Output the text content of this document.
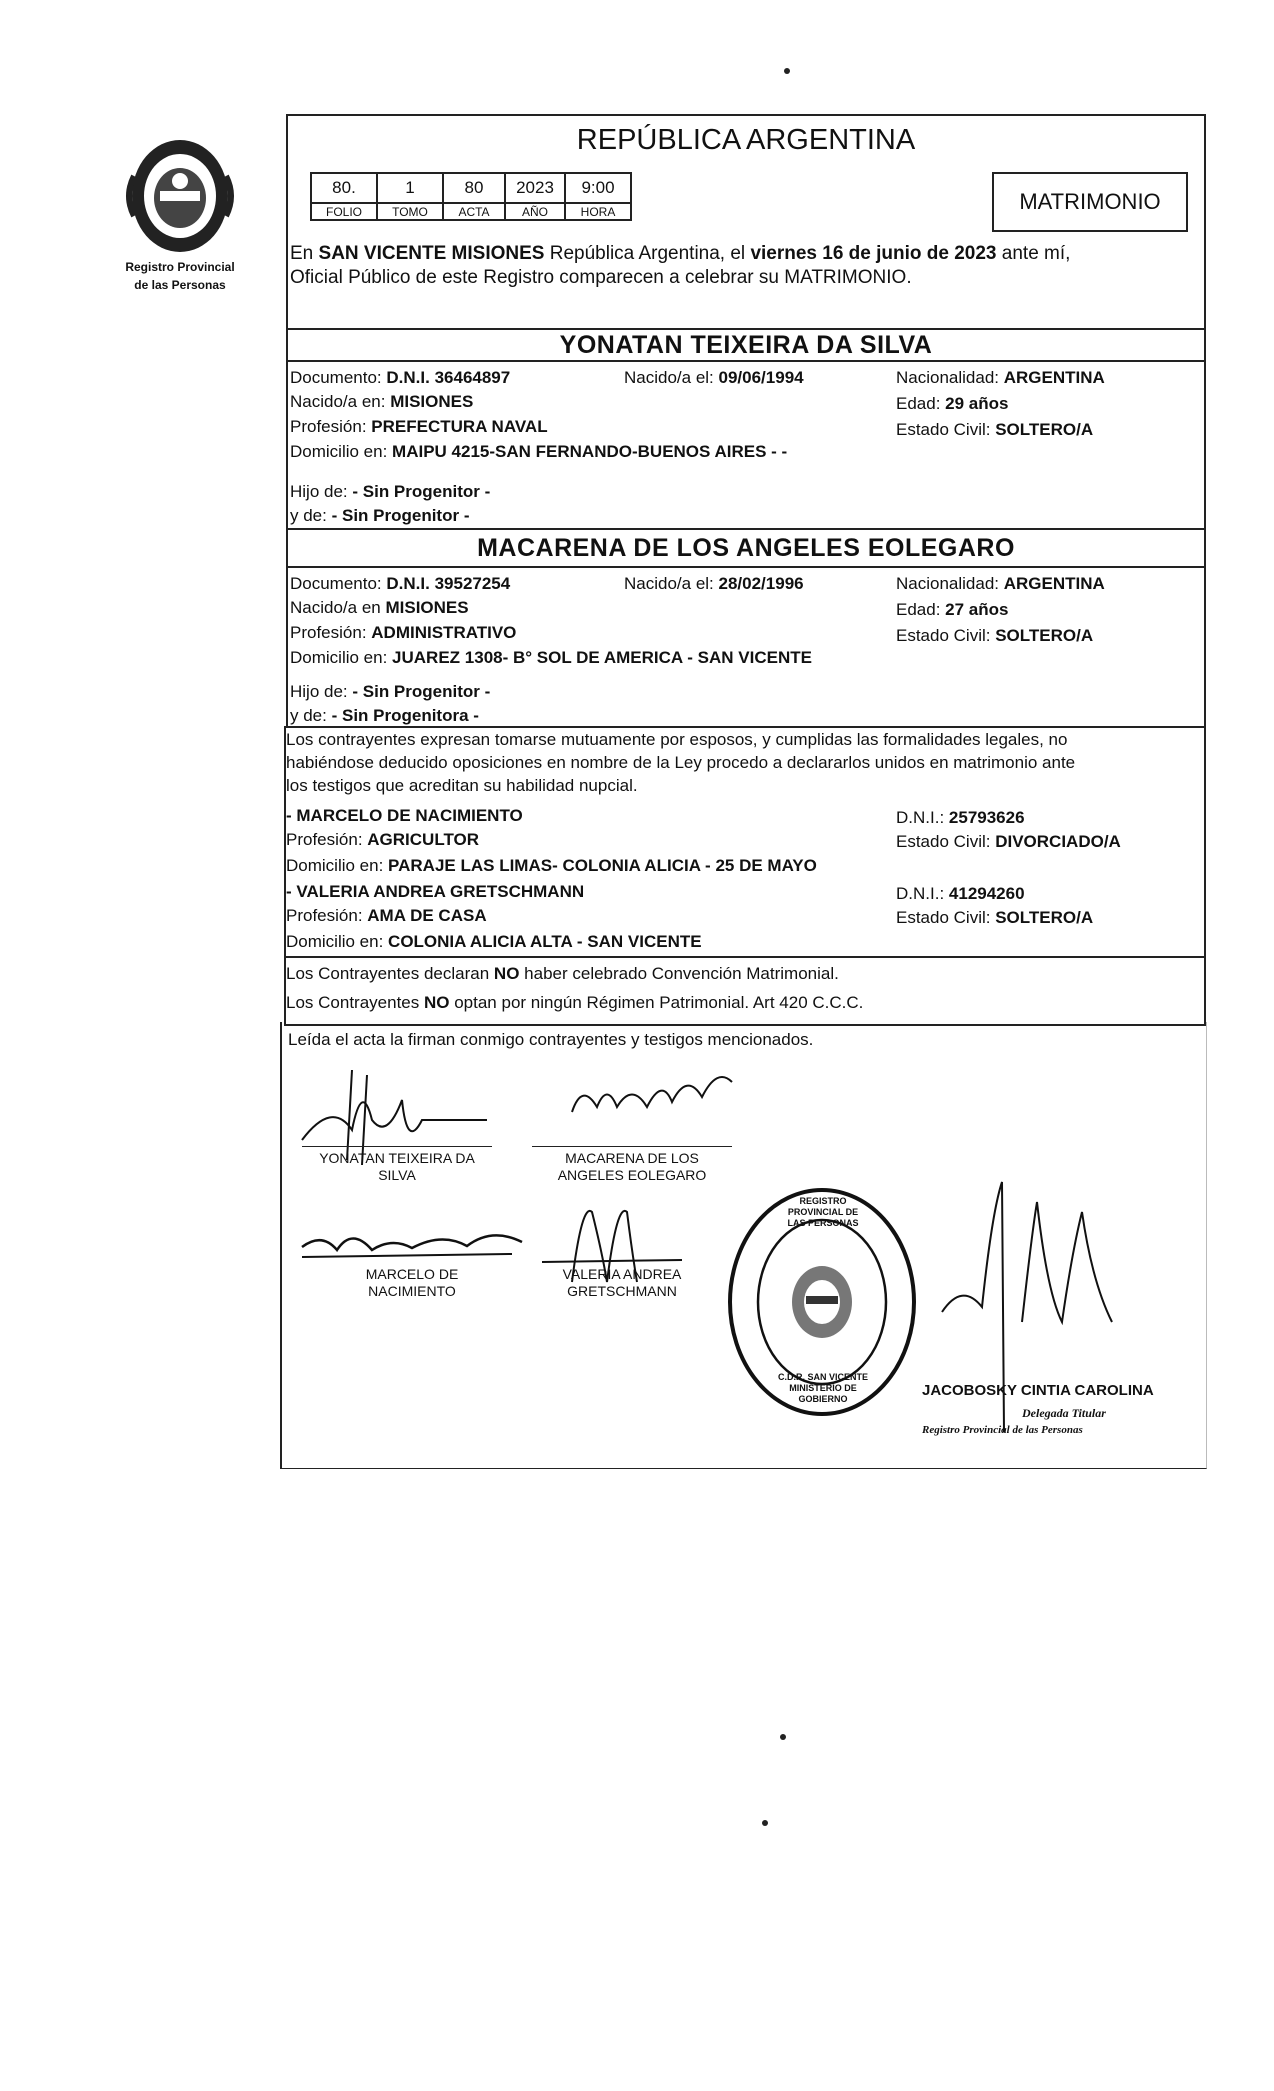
Registro Provincial
de las Personas
REPÚBLICA ARGENTINA
80.	1	80	2023	9:00
FOLIO	TOMO	ACTA	AÑO	HORA	MATRIMONIO
En SAN VICENTE MISIONES República Argentina, el viernes 16 de junio de 2023 ante mí,
Oficial Público de este Registro comparecen a celebrar su MATRIMONIO.
YONATAN TEIXEIRA DA SILVA
Documento: D.N.I. 36464897	Nacido/a el: 09/06/1994	Nacionalidad: ARGENTINA
Nacido/a en: MISIONES	Edad: 29 años
Profesión: PREFECTURA NAVAL	Estado Civil: SOLTERO/A
Domicilio en: MAIPU 4215-SAN FERNANDO-BUENOS AIRES - -
Hijo de: - Sin Progenitor -
y de: - Sin Progenitor -
MACARENA DE LOS ANGELES EOLEGARO
Documento: D.N.I. 39527254	Nacido/a el: 28/02/1996	Nacionalidad: ARGENTINA
Nacido/a en MISIONES	Edad: 27 años
Profesión: ADMINISTRATIVO	Estado Civil: SOLTERO/A
Domicilio en: JUAREZ 1308- B° SOL DE AMERICA - SAN VICENTE
Hijo de: - Sin Progenitor -
y de: - Sin Progenitora -
Los contrayentes expresan tomarse mutuamente por esposos, y cumplidas las formalidades legales, no
habiéndose deducido oposiciones en nombre de la Ley procedo a declararlos unidos en matrimonio ante
los testigos que acreditan su habilidad nupcial.
- MARCELO DE NACIMIENTO	D.N.I.: 25793626
Profesión: AGRICULTOR	Estado Civil: DIVORCIADO/A
Domicilio en: PARAJE LAS LIMAS- COLONIA ALICIA - 25 DE MAYO
- VALERIA ANDREA GRETSCHMANN	D.N.I.: 41294260
Profesión: AMA DE CASA	Estado Civil: SOLTERO/A
Domicilio en: COLONIA ALICIA ALTA - SAN VICENTE
Los Contrayentes declaran NO haber celebrado Convención Matrimonial.
Los Contrayentes NO optan por ningún Régimen Patrimonial. Art 420 C.C.C.
Leída el acta la firman conmigo contrayentes y testigos mencionados.
YONATAN TEIXEIRA DA
SILVA
MACARENA DE LOS
ANGELES EOLEGARO
MARCELO DE
NACIMIENTO
VALERIA ANDREA
GRETSCHMANN
REGISTRO PROVINCIAL DE LAS PERSONAS
C.D.R. SAN VICENTE MINISTERIO DE GOBIERNO	JACOBOSKY CINTIA CAROLINA
Delegada Titular
Registro Provincial de las Personas
